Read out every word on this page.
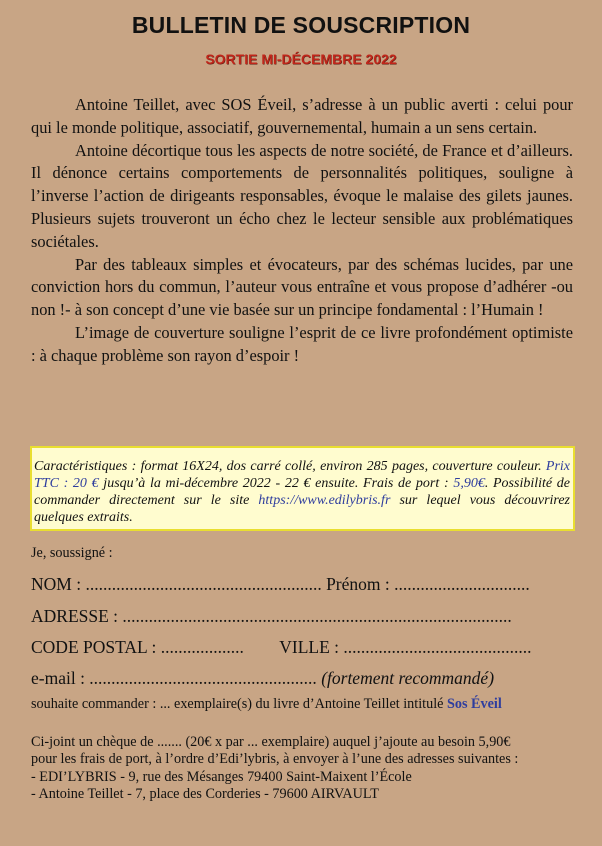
BULLETIN DE SOUSCRIPTION
SORTIE MI-DÉCEMBRE 2022

Antoine Teillet, avec SOS Éveil, s’adresse à un public averti : celui pour qui le monde politique, associatif, gouvernemental, humain a un sens certain.

Antoine décortique tous les aspects de notre société, de France et d’ailleurs. Il dénonce certains comportements de personnalités politiques, souligne à l’inverse l’action de dirigeants responsables, évoque le malaise des gilets jaunes. Plusieurs sujets trouveront un écho chez le lecteur sensible aux problématiques sociétales.

Par des tableaux simples et évocateurs, par des schémas lucides, par une conviction hors du commun, l’auteur vous entraîne et vous propose d’adhérer -ou non !- à son concept d’une vie basée sur un principe fondamental : l’Humain !

L’image de couverture souligne l’esprit de ce livre profondément optimiste : à chaque problème son rayon d’espoir !

Caractéristiques : format 16X24, dos carré collé, environ 285 pages, couverture couleur. Prix TTC : 20 € jusqu’à la mi-décembre 2022 - 22 € ensuite. Frais de port : 5,90€. Possibilité de commander directement sur le site https://www.edilybris.fr sur lequel vous découvrirez quelques extraits.
Je, soussigné :
NOM : ...................................................... Prénom : ...............................
ADRESSE : .........................................................................................
CODE POSTAL : ................... VILLE : ...........................................
e-mail : .................................................... (fortement recommandé)
souhaite commander : ... exemplaire(s) du livre d’Antoine Teillet intitulé Sos Éveil
Ci-joint un chèque de ....... (20€ x par ... exemplaire) auquel j’ajoute au besoin 5,90€
pour les frais de port, à l’ordre d’Edi’lybris, à envoyer à l’une des adresses suivantes :
- EDI’LYBRIS - 9, rue des Mésanges 79400 Saint-Maixent l’École
- Antoine Teillet - 7, place des Corderies - 79600 AIRVAULT
